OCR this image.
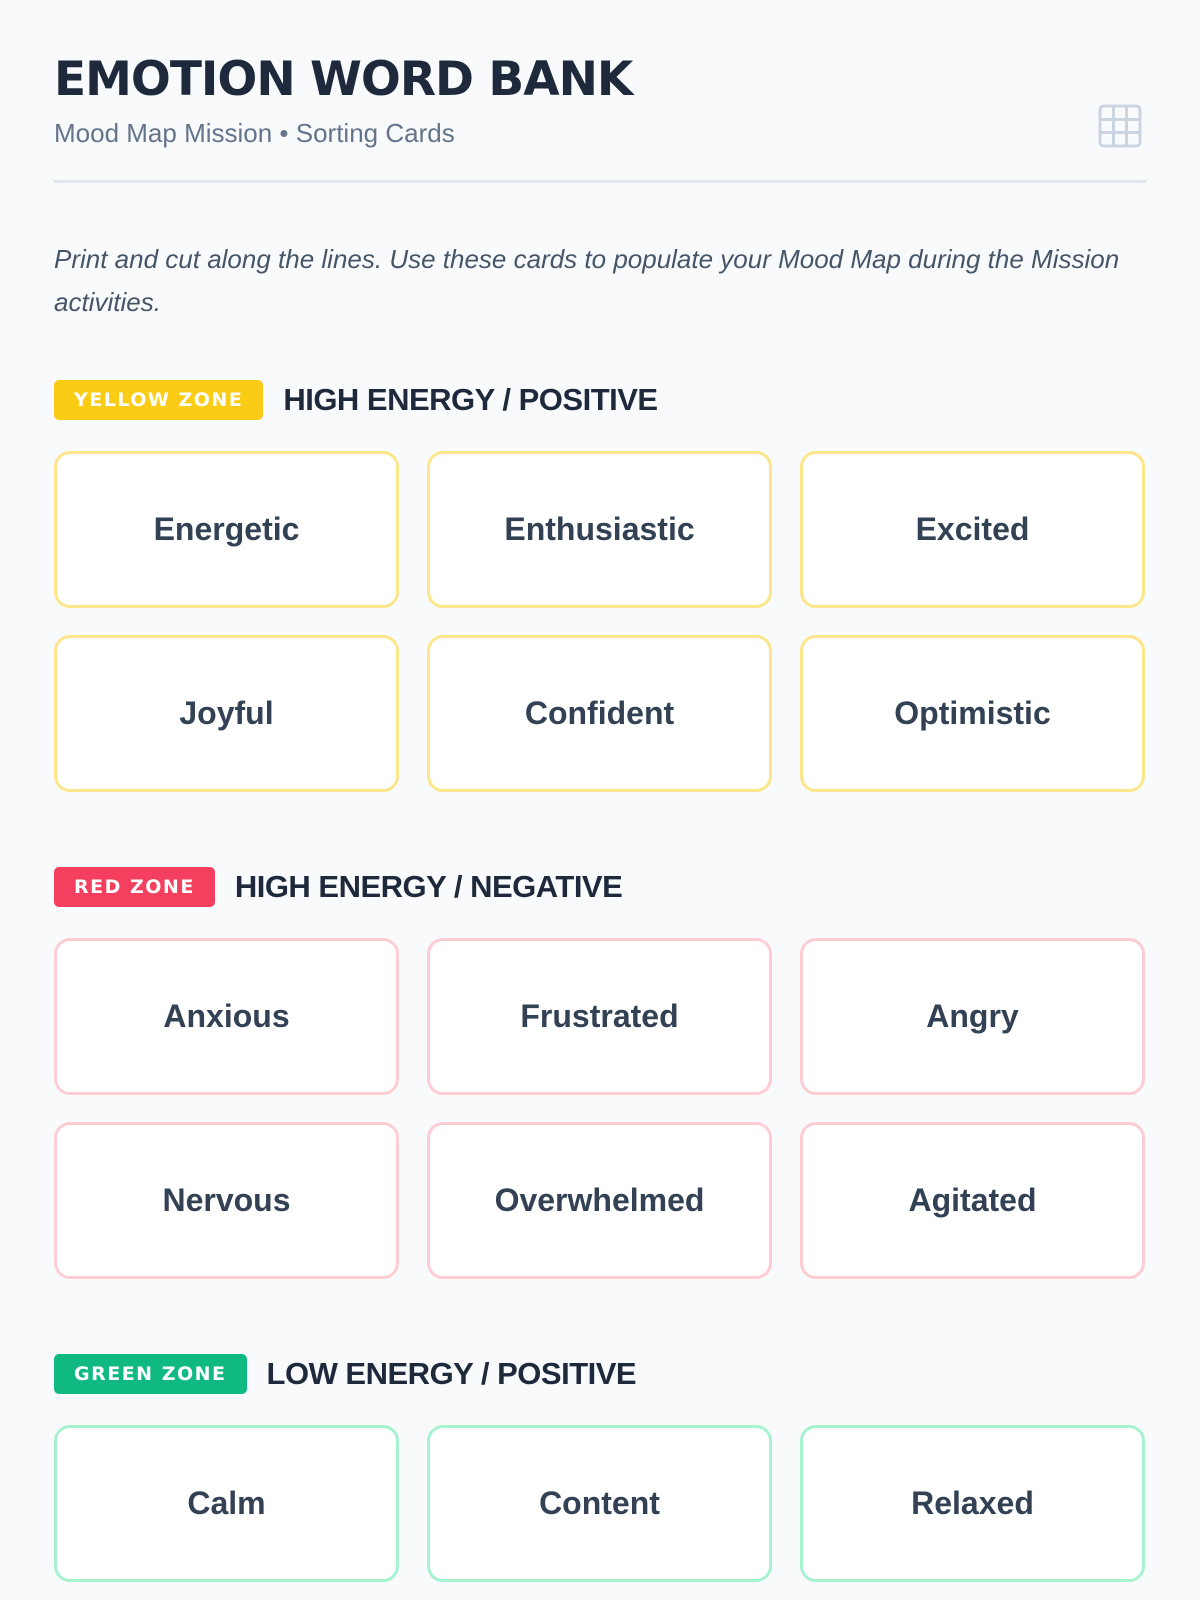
EMOTION WORD BANK
Mood Map Mission • Sorting Cards

Print and cut along the lines. Use these cards to populate your Mood Map during the Mission activities.

YELLOW ZONE	HIGH ENERGY / POSITIVE
Energetic	Enthusiastic	Excited
Joyful	Confident	Optimistic
RED ZONE	HIGH ENERGY / NEGATIVE
Anxious	Frustrated	Angry
Nervous	Overwhelmed	Agitated
GREEN ZONE	LOW ENERGY / POSITIVE
Calm	Content	Relaxed
